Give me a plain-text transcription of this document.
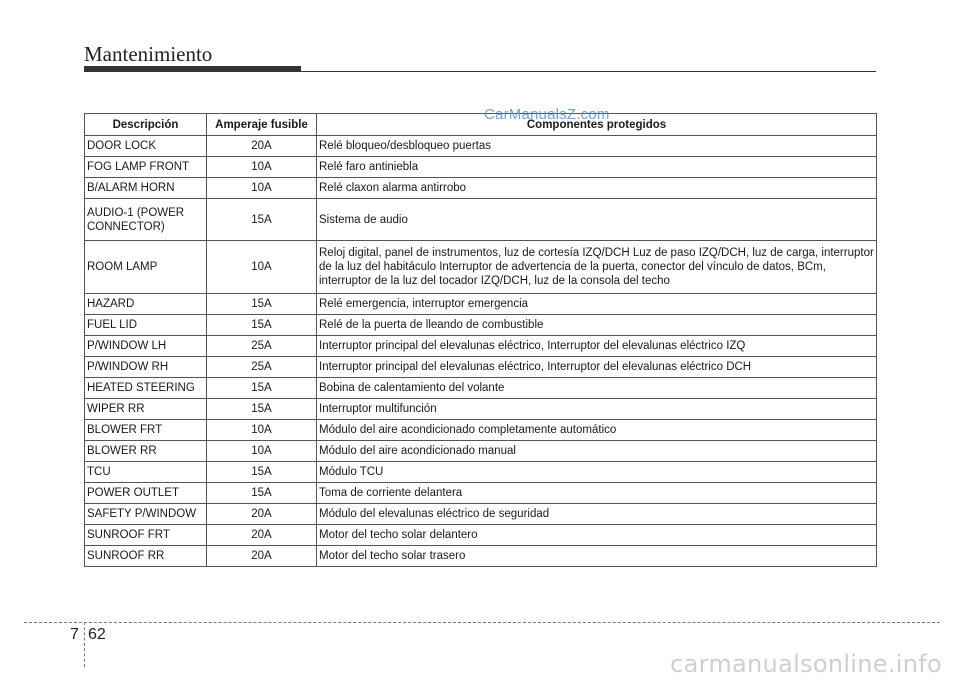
Mantenimiento
Descripción	Amperaje fusible	Componentes protegidos
DOOR LOCK	20A	Relé bloqueo/desbloqueo puertas
FOG LAMP FRONT	10A	Relé faro antiniebla
B/ALARM HORN	10A	Relé claxon alarma antirrobo
AUDIO-1 (POWER CONNECTOR)	15A	Sistema de audio
ROOM LAMP	10A	Reloj digital, panel de instrumentos, luz de cortesía IZQ/DCH Luz de paso IZQ/DCH, luz de carga, interruptor de la luz del habitáculo Interruptor de advertencia de la puerta, conector del vínculo de datos, BCm, interruptor de la luz del tocador IZQ/DCH, luz de la consola del techo
HAZARD	15A	Relé emergencia, interruptor emergencia
FUEL LID	15A	Relé de la puerta de lleando de combustible
P/WINDOW LH	25A	Interruptor principal del elevalunas eléctrico, Interruptor del elevalunas eléctrico IZQ
P/WINDOW RH	25A	Interruptor principal del elevalunas eléctrico, Interruptor del elevalunas eléctrico DCH
HEATED STEERING	15A	Bobina de calentamiento del volante
WIPER RR	15A	Interruptor multifunción
BLOWER FRT	10A	Módulo del aire acondicionado completamente automático
BLOWER RR	10A	Módulo del aire acondicionado manual
TCU	15A	Módulo TCU
POWER OUTLET	15A	Toma de corriente delantera
SAFETY P/WINDOW	20A	Módulo del elevalunas eléctrico de seguridad
SUNROOF FRT	20A	Motor del techo solar delantero
SUNROOF RR	20A	Motor del techo solar trasero
CarManualsZ.com
7 62
carmanualsonline.info
